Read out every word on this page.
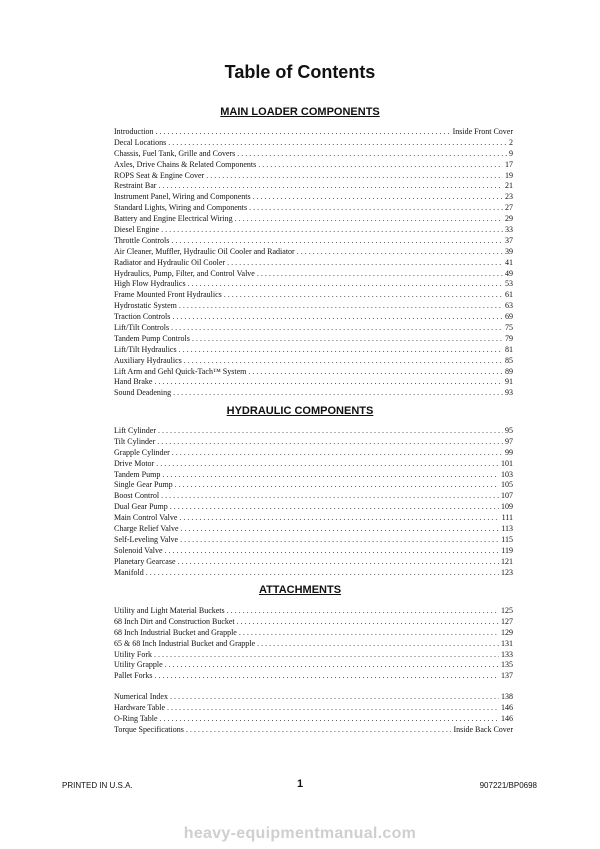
Table of Contents
MAIN LOADER COMPONENTS
Introduction . . .	Inside Front Cover
Decal Locations . . .	2
Chassis, Fuel Tank, Grille and Covers . . .	9
Axles, Drive Chains & Related Components . . .	17
ROPS Seat & Engine Cover . . .	19
Restraint Bar . . .	21
Instrument Panel, Wiring and Components . . .	23
Standard Lights, Wiring and Components . . .	27
Battery and Engine Electrical Wiring . . .	29
Diesel Engine . . .	33
Throttle Controls . . .	37
Air Cleaner, Muffler, Hydraulic Oil Cooler and Radiator . . .	39
Radiator and Hydraulic Oil Cooler . . .	41
Hydraulics, Pump, Filter, and Control Valve . . .	49
High Flow Hydraulics . . .	53
Frame Mounted Front Hydraulics . . .	61
Hydrostatic System . . .	63
Traction Controls . . .	69
Lift/Tilt Controls . . .	75
Tandem Pump Controls . . .	79
Lift/Tilt Hydraulics . . .	81
Auxiliary Hydraulics . . .	85
Lift Arm and Gehl Quick-Tach™ System . . .	89
Hand Brake . . .	91
Sound Deadening . . .	93
HYDRAULIC COMPONENTS
Lift Cylinder . . .	95
Tilt Cylinder . . .	97
Grapple Cylinder . . .	99
Drive Motor . . .	101
Tandem Pump . . .	103
Single Gear Pump . . .	105
Boost Control . . .	107
Dual Gear Pump . . .	109
Main Control Valve . . .	111
Charge Relief Valve . . .	113
Self-Leveling Valve . . .	115
Solenoid Valve . . .	119
Planetary Gearcase . . .	121
Manifold . . .	123
ATTACHMENTS
Utility and Light Material Buckets . . .	125
68 Inch Dirt and Construction Bucket . . .	127
68 Inch Industrial Bucket and Grapple . . .	129
65 & 68 Inch Industrial Bucket and Grapple . . .	131
Utility Fork . . .	133
Utility Grapple . . .	135
Pallet Forks . . .	137
Numerical Index . . .	138
Hardware Table . . .	146
O-Ring Table . . .	146
Torque Specifications . . .	Inside Back Cover
PRINTED IN U.S.A.	1	907221/BP0698
heavy-equipmentmanual.com
